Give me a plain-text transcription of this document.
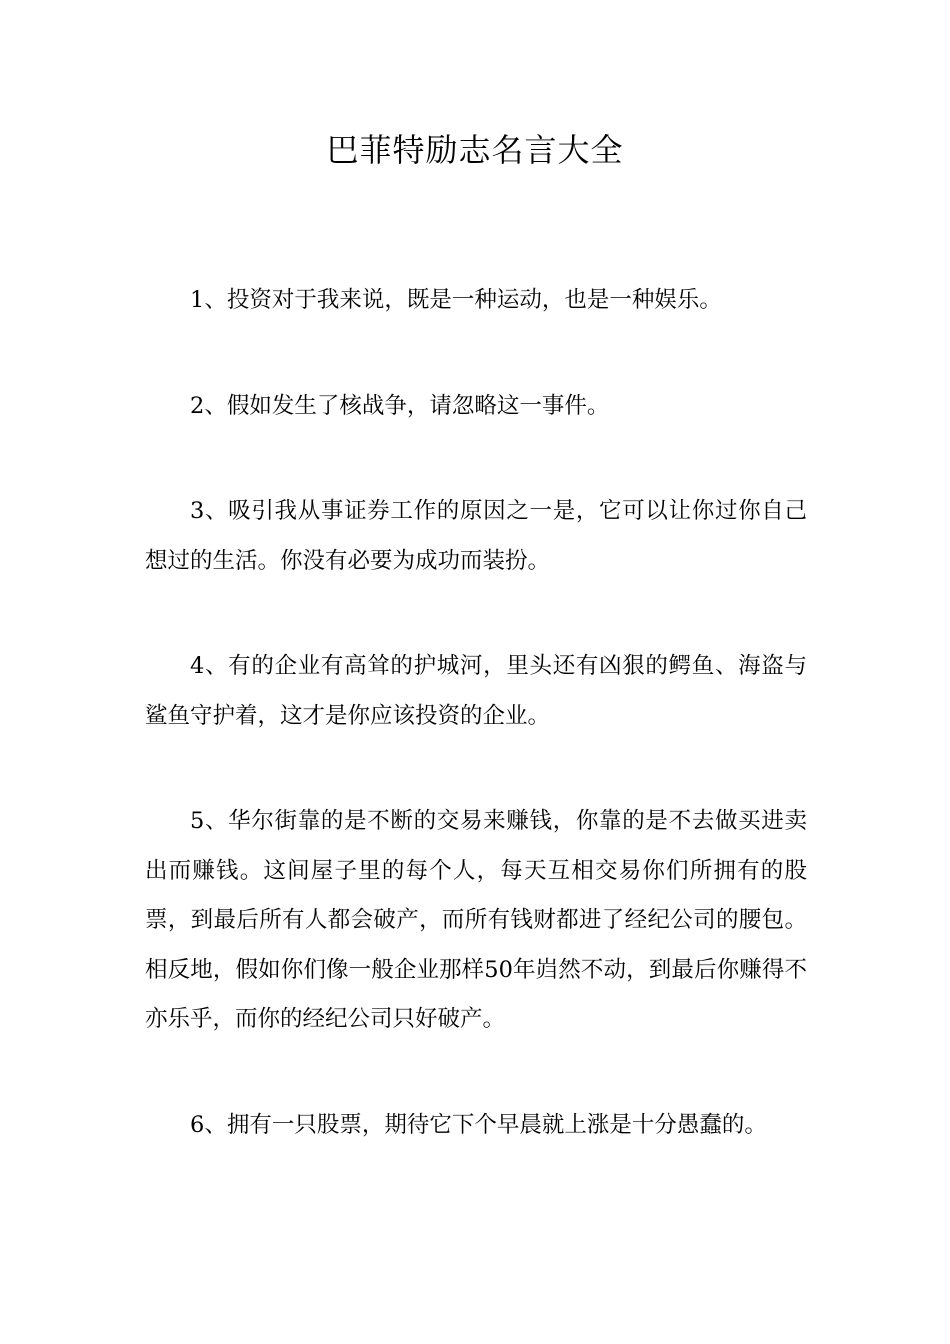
巴菲特励志名言大全

1、投资对于我来说，既是一种运动，也是一种娱乐。

2、假如发生了核战争，请忽略这一事件。

3、吸引我从事证券工作的原因之一是，它可以让你过你自己想过的生活。你没有必要为成功而装扮。

4、有的企业有高耸的护城河，里头还有凶狠的鳄鱼、海盗与鲨鱼守护着，这才是你应该投资的企业。

5、华尔街靠的是不断的交易来赚钱，你靠的是不去做买进卖出而赚钱。这间屋子里的每个人，每天互相交易你们所拥有的股票，到最后所有人都会破产，而所有钱财都进了经纪公司的腰包。相反地，假如你们像一般企业那样50年岿然不动，到最后你赚得不亦乐乎，而你的经纪公司只好破产。

6、拥有一只股票，期待它下个早晨就上涨是十分愚蠢的。
